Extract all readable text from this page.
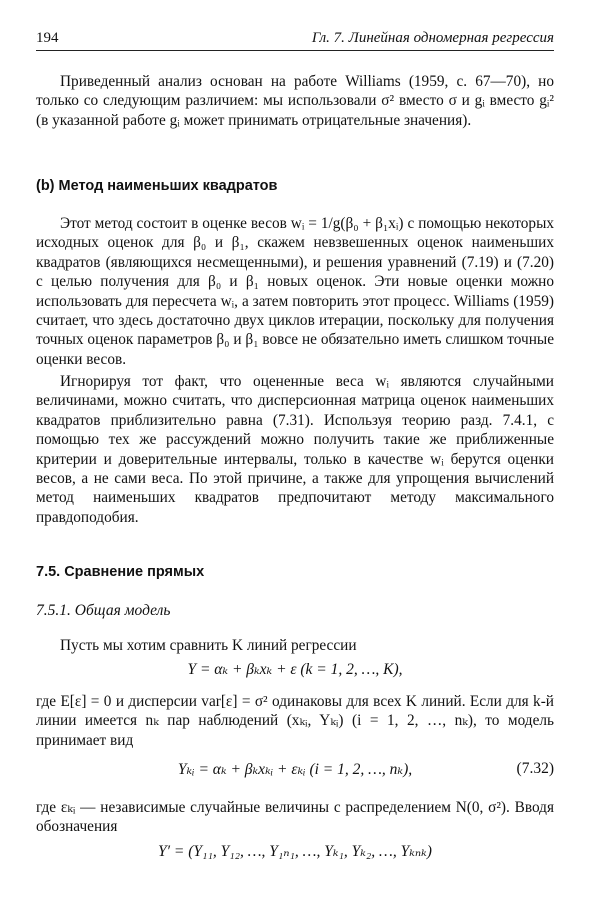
194	Гл. 7. Линейная одномерная регрессия

Приведенный анализ основан на работе Williams (1959, с. 67—70), но только со следующим различием: мы использовали σ² вместо σ и gᵢ вместо gᵢ² (в указанной работе gᵢ может принимать отрицательные значения).

(b) Метод наименьших квадратов

Этот метод состоит в оценке весов wᵢ = 1/g(β₀ + β₁xᵢ) с помощью некоторых исходных оценок для β₀ и β₁, скажем невзвешенных оценок наименьших квадратов (являющихся несмещенными), и решения уравнений (7.19) и (7.20) с целью получения для β₀ и β₁ новых оценок. Эти новые оценки можно использовать для пересчета wᵢ, а затем повторить этот процесс. Williams (1959) считает, что здесь достаточно двух циклов итерации, поскольку для получения точных оценок параметров β₀ и β₁ вовсе не обязательно иметь слишком точные оценки весов.

Игнорируя тот факт, что оцененные веса wᵢ являются случайными величинами, можно считать, что дисперсионная матрица оценок наименьших квадратов приблизительно равна (7.31). Используя теорию разд. 7.4.1, с помощью тех же рассуждений можно получить такие же приближенные критерии и доверительные интервалы, только в качестве wᵢ берутся оценки весов, а не сами веса. По этой причине, а также для упрощения вычислений метод наименьших квадратов предпочитают методу максимального правдоподобия.

7.5. Сравнение прямых
7.5.1. Общая модель

Пусть мы хотим сравнить K линий регрессии

Y = αₖ + βₖxₖ + ε (k = 1, 2, …, K),

где E[ε] = 0 и дисперсии var[ε] = σ² одинаковы для всех K линий. Если для k-й линии имеется nₖ пар наблюдений (xₖᵢ, Yₖᵢ) (i = 1, 2, …, nₖ), то модель принимает вид

Yₖᵢ = αₖ + βₖxₖᵢ + εₖᵢ (i = 1, 2, …, nₖ),	(7.32)

где εₖᵢ — независимые случайные величины с распределением N(0, σ²). Вводя обозначения

Y′ = (Y₁₁, Y₁₂, …, Y₁ₙ₁, …, Yₖ₁, Yₖ₂, …, Yₖₙₖ)
